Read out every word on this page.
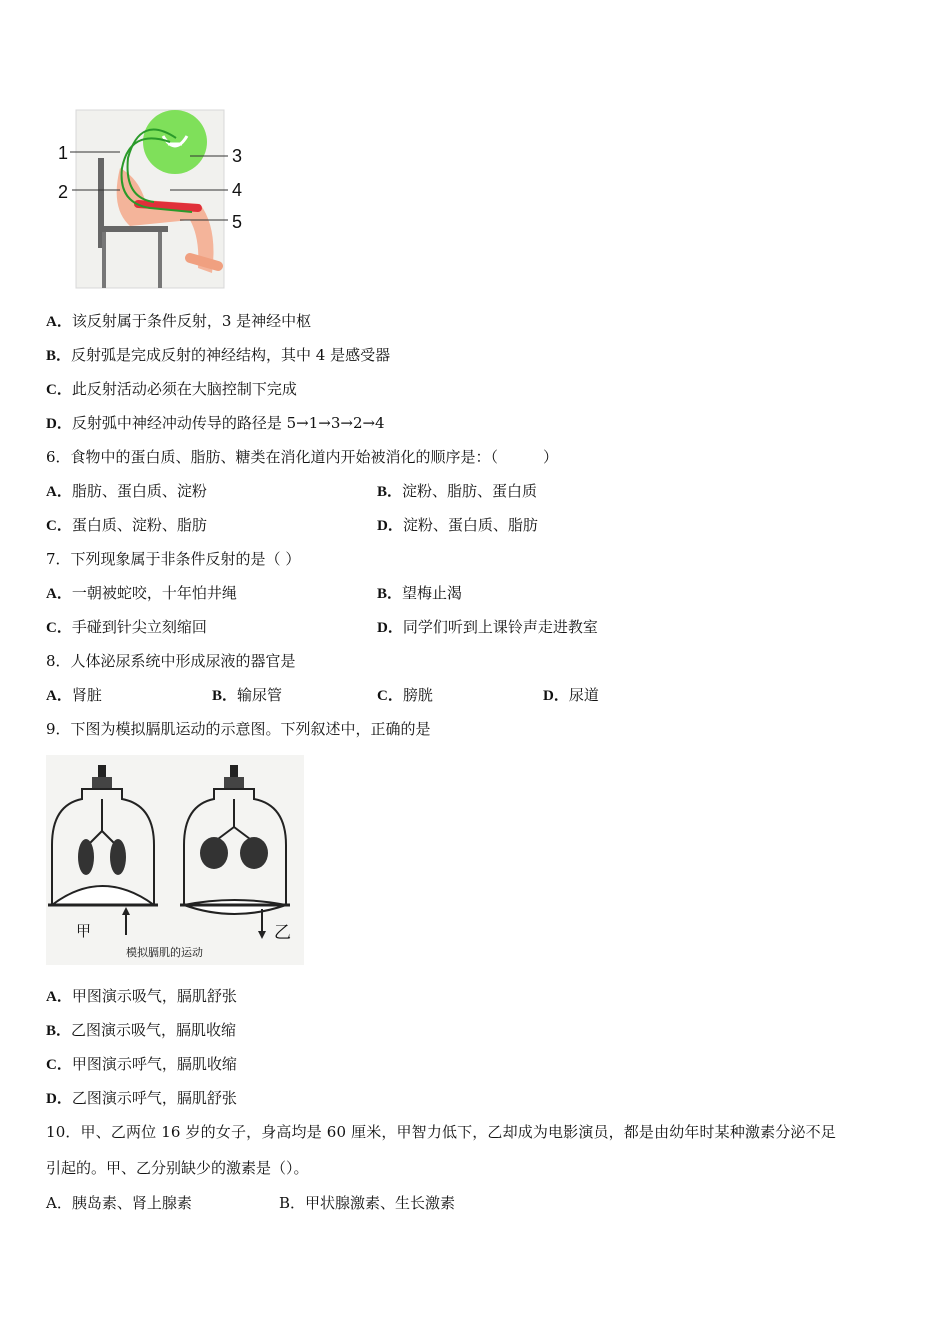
1
2
3
4
5
A．该反射属于条件反射，3 是神经中枢
B．反射弧是完成反射的神经结构，其中 4 是感受器
C．此反射活动必须在大脑控制下完成
D．反射弧中神经冲动传导的路径是 5→1→3→2→4
6．食物中的蛋白质、脂肪、糖类在消化道内开始被消化的顺序是：（　　　）
A．脂肪、蛋白质、淀粉	B．淀粉、脂肪、蛋白质
C．蛋白质、淀粉、脂肪	D．淀粉、蛋白质、脂肪
7．下列现象属于非条件反射的是（ ）
A．一朝被蛇咬，十年怕井绳	B．望梅止渴
C．手碰到针尖立刻缩回	D．同学们听到上课铃声走进教室
8．人体泌尿系统中形成尿液的器官是
A．肾脏	B．输尿管	C．膀胱	D．尿道
9．下图为模拟膈肌运动的示意图。下列叙述中，正确的是
甲	乙
模拟膈肌的运动
A．甲图演示吸气，膈肌舒张
B．乙图演示吸气，膈肌收缩
C．甲图演示呼气，膈肌收缩
D．乙图演示呼气，膈肌舒张
10．甲、乙两位 16 岁的女子，身高均是 60 厘米，甲智力低下，乙却成为电影演员，都是由幼年时某种激素分泌不足
引起的。甲、乙分别缺少的激素是（）。
A．胰岛素、肾上腺素	B．甲状腺激素、生长激素
